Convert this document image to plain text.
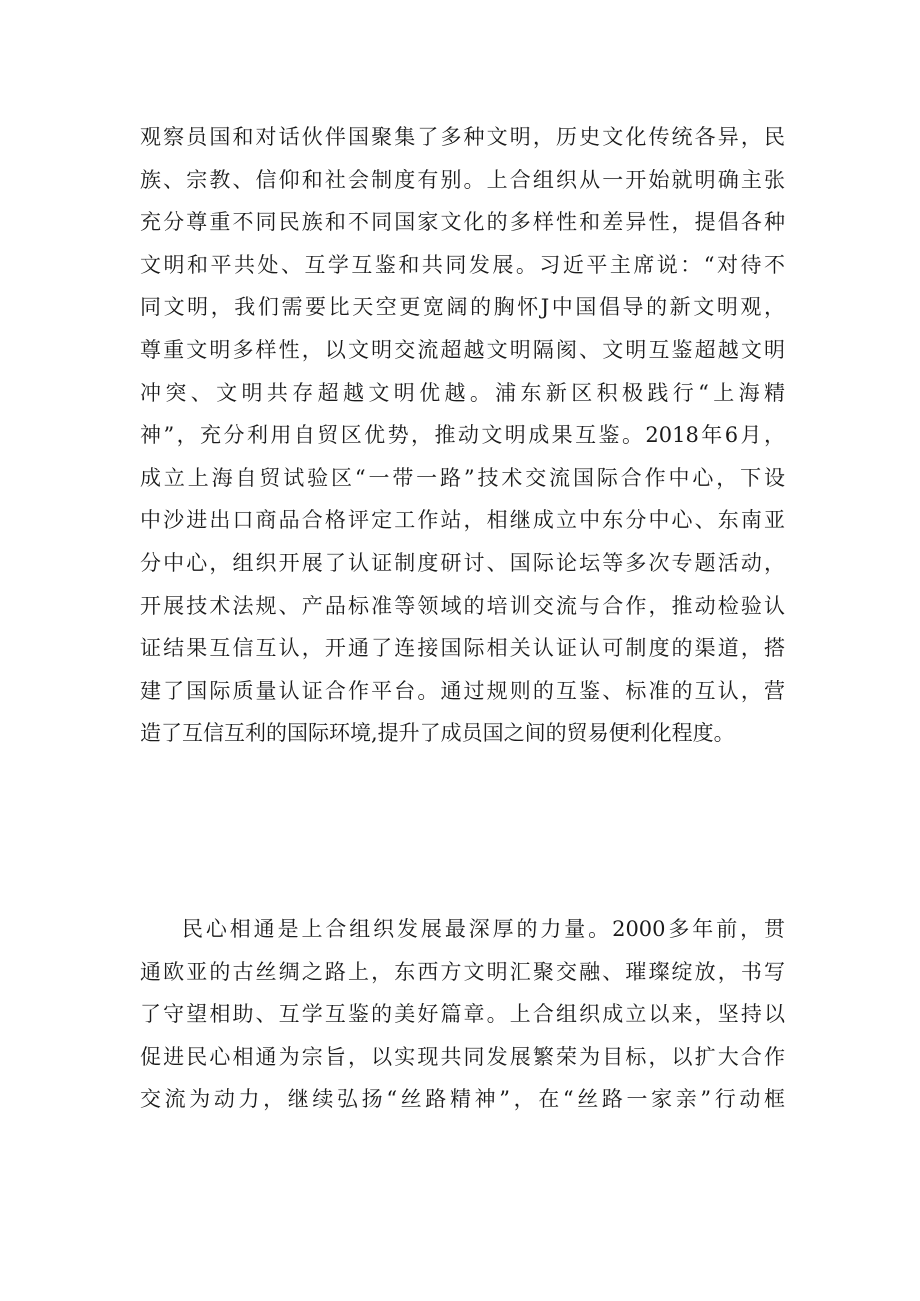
观察员国和对话伙伴国聚集了多种文明，历史文化传统各异，民
族、宗教、信仰和社会制度有别。上合组织从一开始就明确主张
充分尊重不同民族和不同国家文化的多样性和差异性，提倡各种
文明和平共处、互学互鉴和共同发展。习近平主席说：“对待不
同文明，我们需要比天空更宽阔的胸怀J中国倡导的新文明观，
尊重文明多样性，以文明交流超越文明隔阂、文明互鉴超越文明
冲突、文明共存超越文明优越。浦东新区积极践行“上海精
神”，充分利用自贸区优势，推动文明成果互鉴。2018年6月，
成立上海自贸试验区“一带一路”技术交流国际合作中心，下设
中沙进出口商品合格评定工作站，相继成立中东分中心、东南亚
分中心，组织开展了认证制度研讨、国际论坛等多次专题活动，
开展技术法规、产品标准等领域的培训交流与合作，推动检验认
证结果互信互认，开通了连接国际相关认证认可制度的渠道，搭
建了国际质量认证合作平台。通过规则的互鉴、标准的互认，营
造了互信互利的国际环境,提升了成员国之间的贸易便利化程度。
民心相通是上合组织发展最深厚的力量。2000多年前，贯
通欧亚的古丝绸之路上，东西方文明汇聚交融、璀璨绽放，书写
了守望相助、互学互鉴的美好篇章。上合组织成立以来，坚持以
促进民心相通为宗旨，以实现共同发展繁荣为目标，以扩大合作
交流为动力，继续弘扬“丝路精神”，在“丝路一家亲”行动框
